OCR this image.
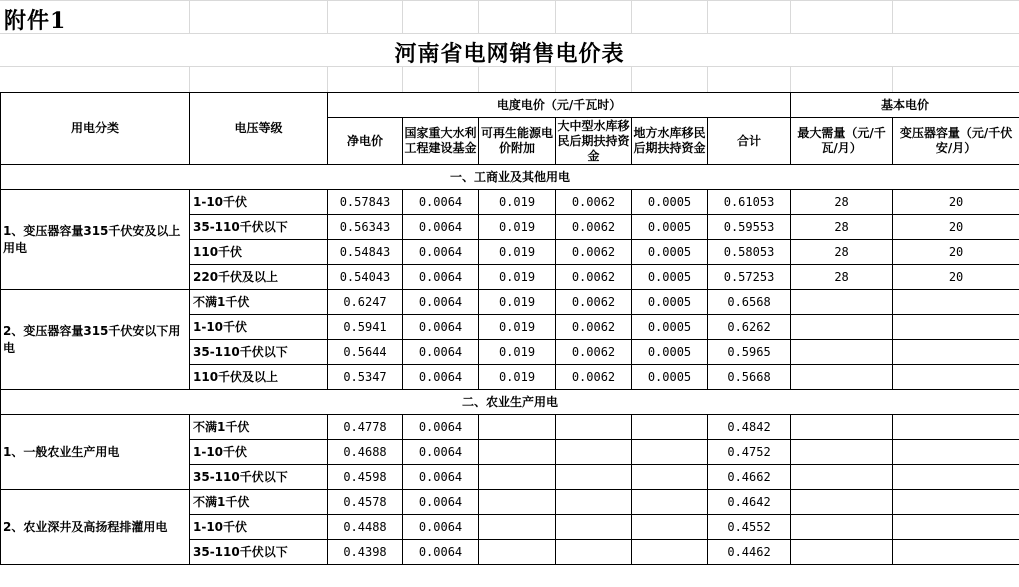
附件1
河南省电网销售电价表
用电分类	电压等级	电度电价（元/千瓦时）						基本电价	
		净电价	国家重大水利工程建设基金	可再生能源电价附加	大中型水库移民后期扶持资金	地方水库移民后期扶持资金	合计	最大需量（元/千瓦/月）	变压器容量（元/千伏安/月）
一、工商业及其他用电									
1、变压器容量315千伏安及以上用电	1-10千伏	0.57843	0.0064	0.019	0.0062	0.0005	0.61053	28	20
	35-110千伏以下	0.56343	0.0064	0.019	0.0062	0.0005	0.59553	28	20
	110千伏	0.54843	0.0064	0.019	0.0062	0.0005	0.58053	28	20
	220千伏及以上	0.54043	0.0064	0.019	0.0062	0.0005	0.57253	28	20
2、变压器容量315千伏安以下用电	不满1千伏	0.6247	0.0064	0.019	0.0062	0.0005	0.6568		
	1-10千伏	0.5941	0.0064	0.019	0.0062	0.0005	0.6262		
	35-110千伏以下	0.5644	0.0064	0.019	0.0062	0.0005	0.5965		
	110千伏及以上	0.5347	0.0064	0.019	0.0062	0.0005	0.5668		
二、农业生产用电									
1、一般农业生产用电	不满1千伏	0.4778	0.0064				0.4842		
	1-10千伏	0.4688	0.0064				0.4752		
	35-110千伏以下	0.4598	0.0064				0.4662		
2、农业深井及高扬程排灌用电	不满1千伏	0.4578	0.0064				0.4642		
	1-10千伏	0.4488	0.0064				0.4552		
	35-110千伏以下	0.4398	0.0064				0.4462		
